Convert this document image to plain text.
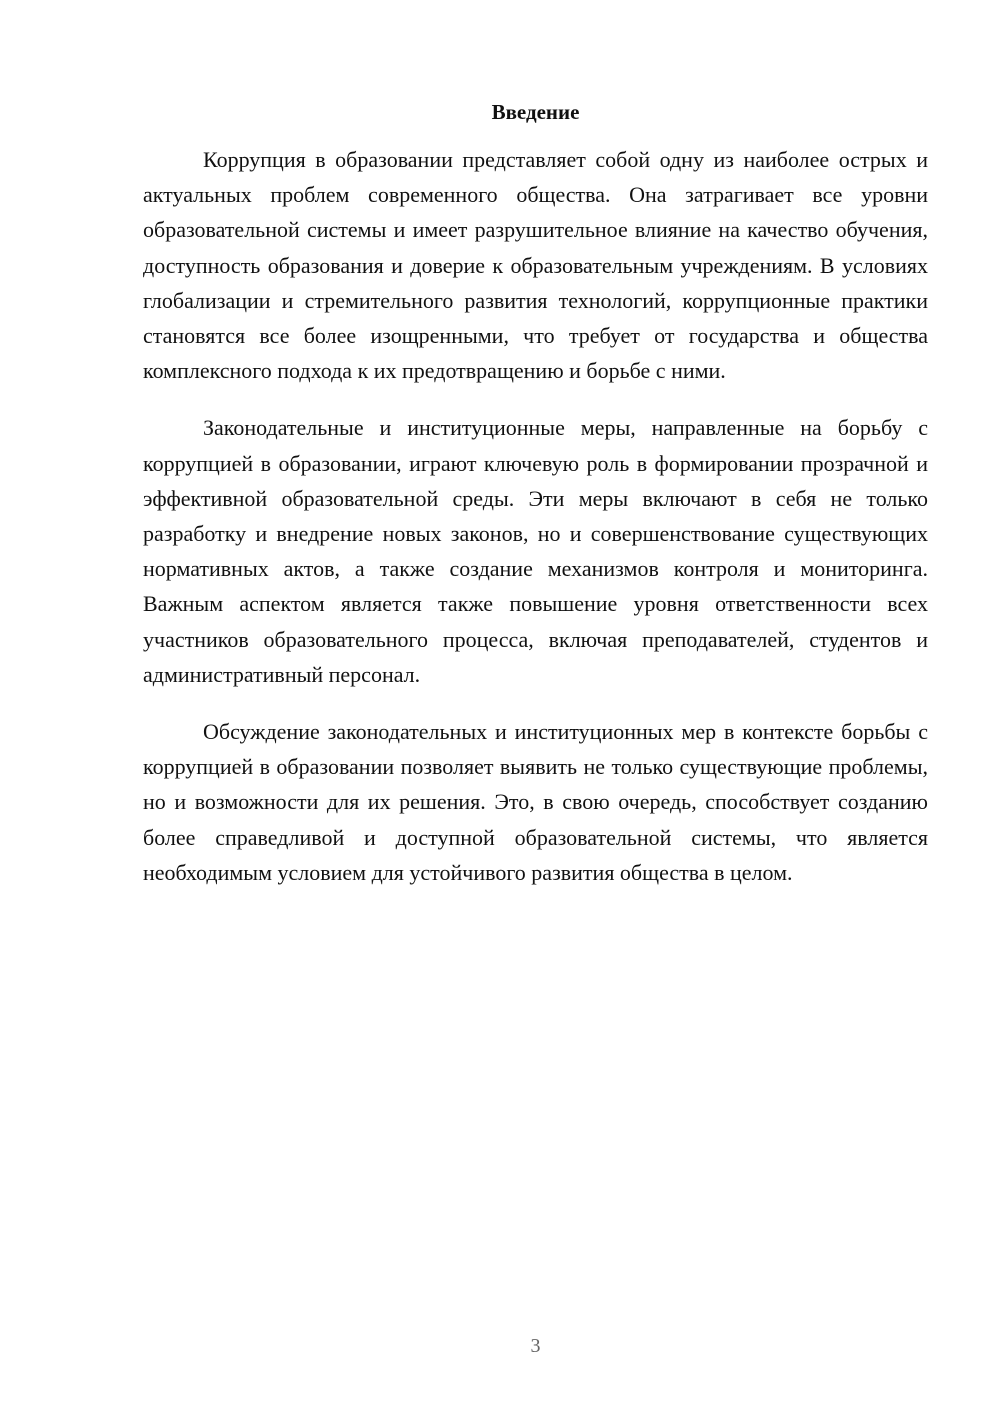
Введение

Коррупция в образовании представляет собой одну из наиболее острых и актуальных проблем современного общества. Она затрагивает все уровни образовательной системы и имеет разрушительное влияние на качество обучения, доступность образования и доверие к образовательным учреждениям. В условиях глобализации и стремительного развития технологий, коррупционные практики становятся все более изощренными, что требует от государства и общества комплексного подхода к их предотвращению и борьбе с ними.

Законодательные и институционные меры, направленные на борьбу с коррупцией в образовании, играют ключевую роль в формировании прозрачной и эффективной образовательной среды. Эти меры включают в себя не только разработку и внедрение новых законов, но и совершенствование существующих нормативных актов, а также создание механизмов контроля и мониторинга. Важным аспектом является также повышение уровня ответственности всех участников образовательного процесса, включая преподавателей, студентов и административный персонал.

Обсуждение законодательных и институционных мер в контексте борьбы с коррупцией в образовании позволяет выявить не только существующие проблемы, но и возможности для их решения. Это, в свою очередь, способствует созданию более справедливой и доступной образовательной системы, что является необходимым условием для устойчивого развития общества в целом.

3
